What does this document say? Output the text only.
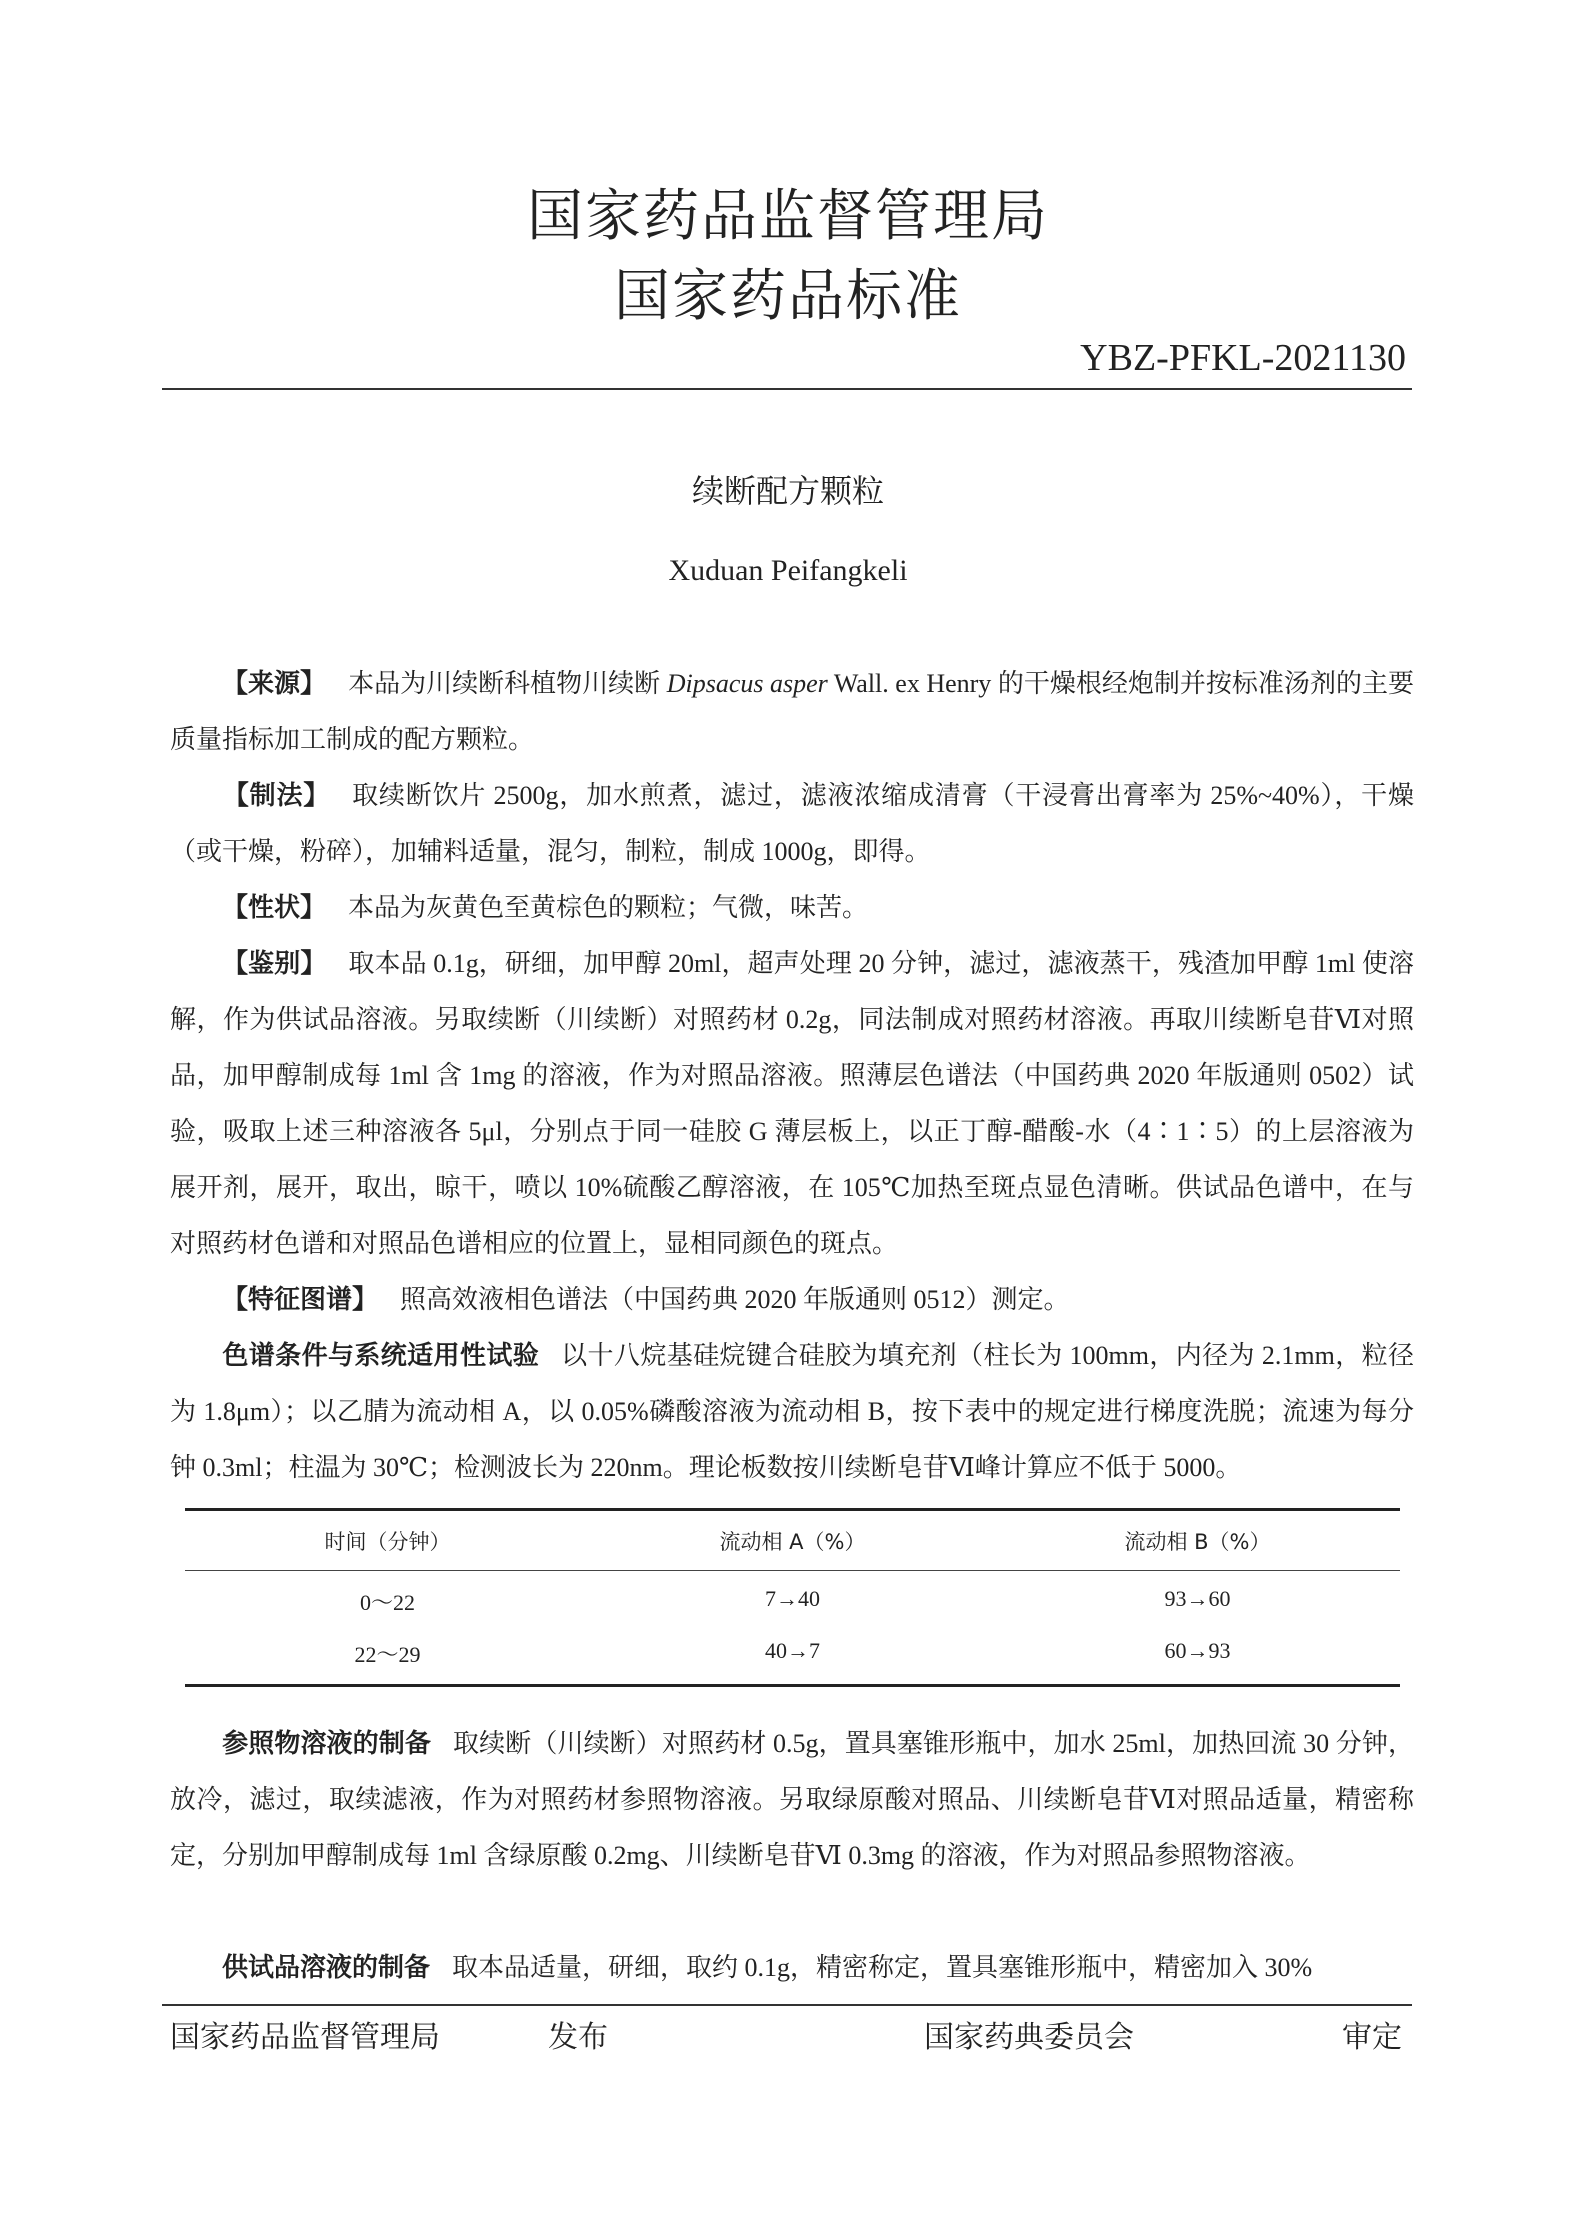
国家药品监督管理局
国家药品标准
YBZ-PFKL-2021130
续断配方颗粒
Xuduan Peifangkeli
【来源】 本品为川续断科植物川续断 Dipsacus asper Wall. ex Henry 的干燥根经炮制并按标准汤剂的主要质量指标加工制成的配方颗粒。
【制法】 取续断饮片 2500g，加水煎煮，滤过，滤液浓缩成清膏（干浸膏出膏率为 25%~40%），干燥（或干燥，粉碎），加辅料适量，混匀，制粒，制成 1000g，即得。
【性状】 本品为灰黄色至黄棕色的颗粒；气微，味苦。
【鉴别】 取本品 0.1g，研细，加甲醇 20ml，超声处理 20 分钟，滤过，滤液蒸干，残渣加甲醇 1ml 使溶解，作为供试品溶液。另取续断（川续断）对照药材 0.2g，同法制成对照药材溶液。再取川续断皂苷Ⅵ对照品，加甲醇制成每 1ml 含 1mg 的溶液，作为对照品溶液。照薄层色谱法（中国药典 2020 年版通则 0502）试验，吸取上述三种溶液各 5μl，分别点于同一硅胶 G 薄层板上，以正丁醇-醋酸-水（4∶1∶5）的上层溶液为展开剂，展开，取出，晾干，喷以 10%硫酸乙醇溶液，在 105℃加热至斑点显色清晰。供试品色谱中，在与对照药材色谱和对照品色谱相应的位置上，显相同颜色的斑点。
【特征图谱】 照高效液相色谱法（中国药典 2020 年版通则 0512）测定。
色谱条件与系统适用性试验 以十八烷基硅烷键合硅胶为填充剂（柱长为 100mm，内径为 2.1mm，粒径为 1.8μm）；以乙腈为流动相 A，以 0.05%磷酸溶液为流动相 B，按下表中的规定进行梯度洗脱；流速为每分钟 0.3ml；柱温为 30℃；检测波长为 220nm。理论板数按川续断皂苷Ⅵ峰计算应不低于 5000。
时间（分钟）	流动相 A（%）	流动相 B（%）
0～22	7→40	93→60
22～29	40→7	60→93
参照物溶液的制备 取续断（川续断）对照药材 0.5g，置具塞锥形瓶中，加水 25ml，加热回流 30 分钟，放冷，滤过，取续滤液，作为对照药材参照物溶液。另取绿原酸对照品、川续断皂苷Ⅵ对照品适量，精密称定，分别加甲醇制成每 1ml 含绿原酸 0.2mg、川续断皂苷Ⅵ 0.3mg 的溶液，作为对照品参照物溶液。
供试品溶液的制备 取本品适量，研细，取约 0.1g，精密称定，置具塞锥形瓶中，精密加入 30%
国家药品监督管理局	发布	国家药典委员会	审定
